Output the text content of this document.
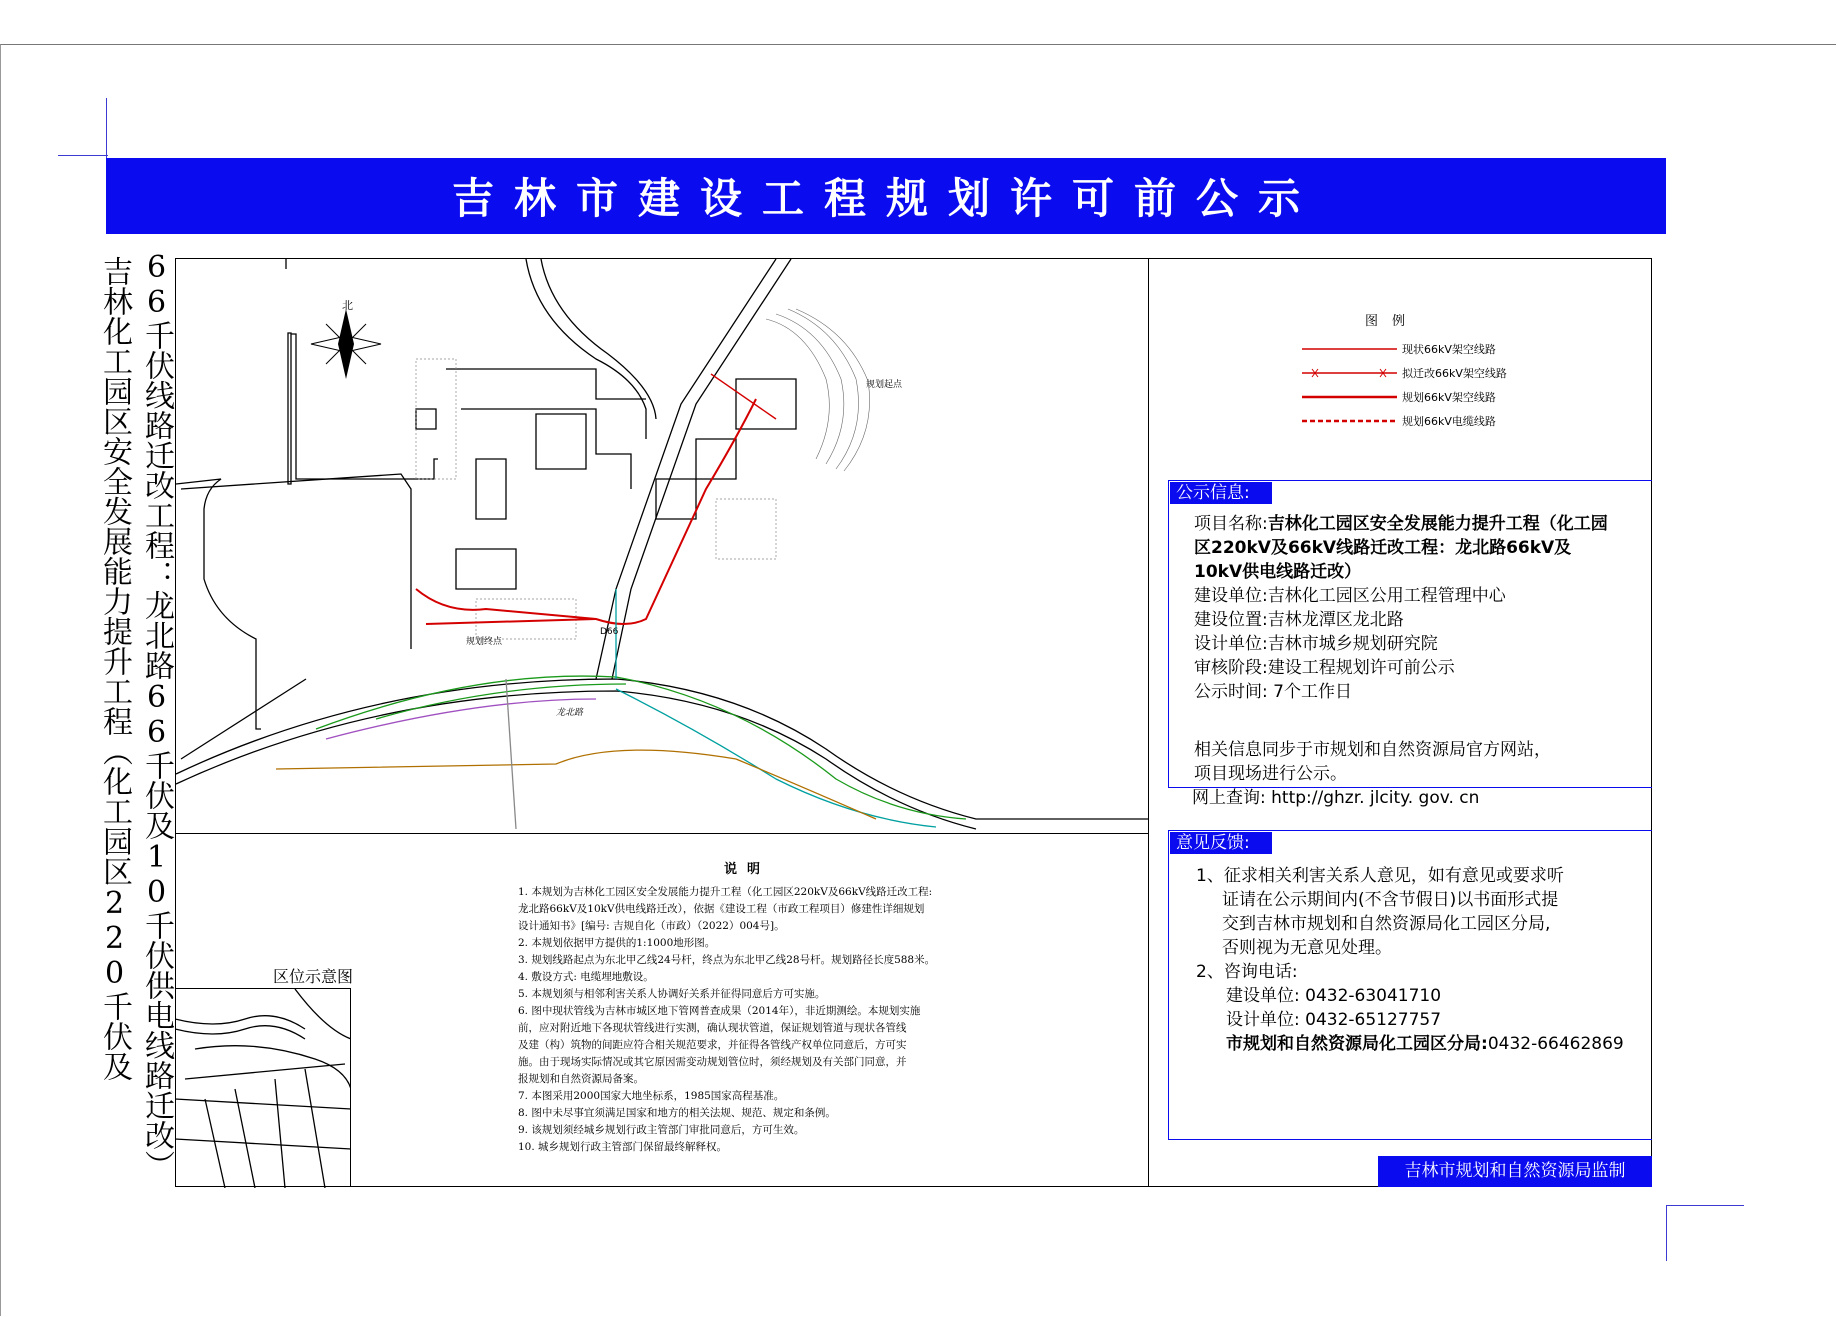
吉林市建设工程规划许可前公示
吉林化工园区安全发展能力提升工程（化工园区220千伏及 66千伏线路迁改工程：龙北路66千伏及10千伏供电线路迁改）	北
龙北路
规划起点
规划终点
D66
说明

1. 本规划为吉林化工园区安全发展能力提升工程（化工园区220kV及66kV线路迁改工程:

龙北路66kV及10kV供电线路迁改），依据《建设工程（市政工程项目）修建性详细规划

设计通知书》[编号: 吉规自化（市政）（2022）004号]。

2. 本规划依据甲方提供的1:1000地形图。

3. 规划线路起点为东北甲乙线24号杆，终点为东北甲乙线28号杆。规划路径长度588米。

4. 敷设方式: 电缆埋地敷设。

5. 本规划须与相邻利害关系人协调好关系并征得同意后方可实施。

6. 图中现状管线为吉林市城区地下管网普查成果（2014年），非近期测绘。本规划实施

前，应对附近地下各现状管线进行实测，确认现状管道，保证规划管道与现状各管线

及建（构）筑物的间距应符合相关规范要求，并征得各管线产权单位同意后，方可实

施。由于现场实际情况或其它原因需变动规划管位时，须经规划及有关部门同意，并

报规划和自然资源局备案。

7. 本图采用2000国家大地坐标系，1985国家高程基准。

8. 图中未尽事宜须满足国家和地方的相关法规、规范、规定和条例。

9. 该规划须经城乡规划行政主管部门审批同意后，方可生效。

10. 城乡规划行政主管部门保留最终解释权。

区位示意图
图例
现状66kV架空线路
拟迁改66kV架空线路
规划66kV架空线路
规划66kV电缆线路
公示信息:

项目名称:吉林化工园区安全发展能力提升工程（化工园区220kV及66kV线路迁改工程：龙北路66kV及10kV供电线路迁改）

建设单位:吉林化工园区公用工程管理中心

建设位置:吉林龙潭区龙北路

设计单位:吉林市城乡规划研究院

审核阶段:建设工程规划许可前公示

公示时间: 7个工作日

相关信息同步于市规划和自然资源局官方网站，

项目现场进行公示。

网上查询: http://ghzr. jlcity. gov. cn

意见反馈:

1、征求相关利害关系人意见，如有意见或要求听

证请在公示期间内(不含节假日)以书面形式提

交到吉林市规划和自然资源局化工园区分局,

否则视为无意见处理。

2、咨询电话:

建设单位: 0432-63041710

设计单位: 0432-65127757

市规划和自然资源局化工园区分局:0432-66462869

吉林市规划和自然资源局监制
